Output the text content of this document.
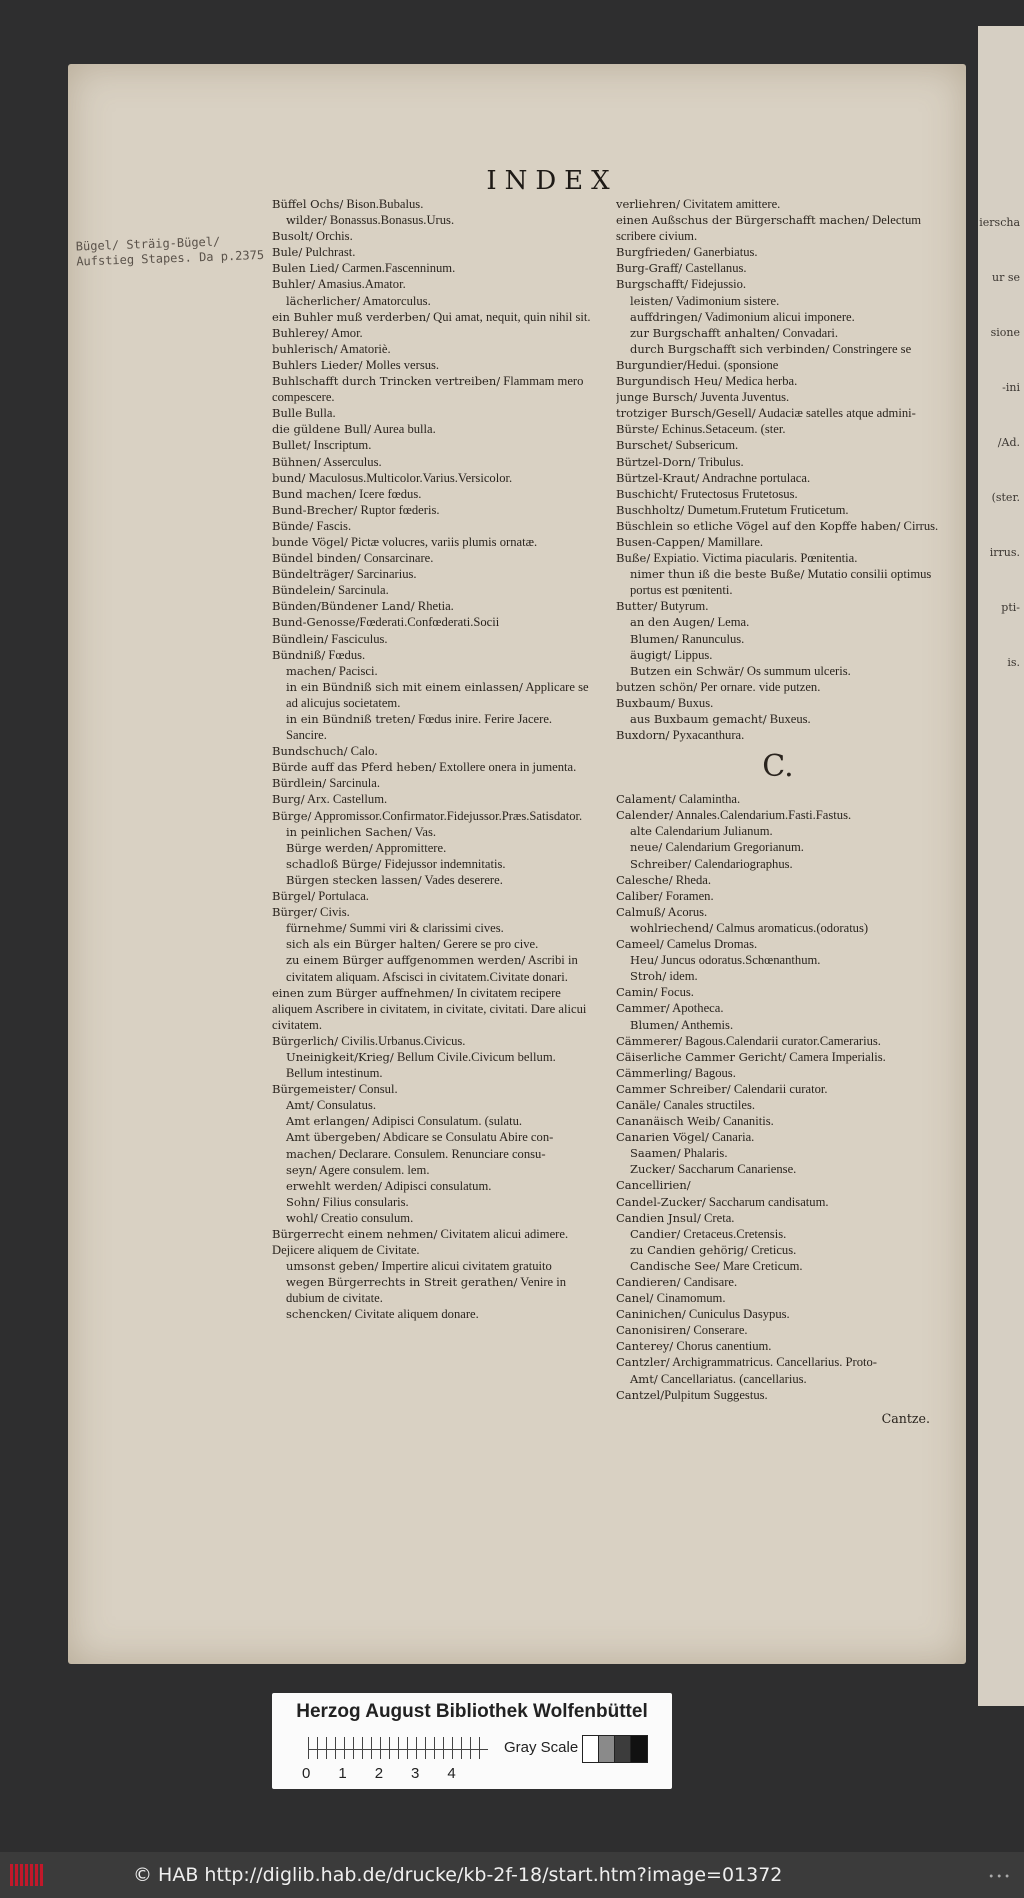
ierscha
ur se
sione
-ini
/Ad.
(ster.
irrus.
pti-
is.
INDEX
Bügel/ Sträig-Bügel/ Aufstieg Stapes. Da p.2375
Büffel Ochs/ Bison.Bubalus.
wilder/ Bonassus.Bonasus.Urus.
Busolt/ Orchis.
Bule/ Pulchrast.
Bulen Lied/ Carmen.Fascenninum.
Buhler/ Amasius.Amator.
lächerlicher/ Amatorculus.
ein Buhler muß verderben/ Qui amat, nequit, quin nihil sit.
Buhlerey/ Amor.
buhlerisch/ Amatoriè.
Buhlers Lieder/ Molles versus.
Buhlschafft durch Trincken vertreiben/ Flammam mero compescere.
Bulle Bulla.
die güldene Bull/ Aurea bulla.
Bullet/ Inscriptum.
Bühnen/ Asserculus.
bund/ Maculosus.Multicolor.Varius.Versicolor.
Bund machen/ Icere fœdus.
Bund-Brecher/ Ruptor fœderis.
Bünde/ Fascis.
bunde Vögel/ Pictæ volucres, variis plumis ornatæ.
Bündel binden/ Consarcinare.
Bündelträger/ Sarcinarius.
Bündelein/ Sarcinula.
Bünden/Bündener Land/ Rhetia.
Bund-Genosse/Fœderati.Confœderati.Socii
Bündlein/ Fasciculus.
Bündniß/ Fœdus.
machen/ Pacisci.
in ein Bündniß sich mit einem einlassen/ Applicare se ad alicujus societatem.
in ein Bündniß treten/ Fœdus inire. Ferire Jacere. Sancire.
Bundschuch/ Calo.
Bürde auff das Pferd heben/ Extollere onera in jumenta.
Bürdlein/ Sarcinula.
Burg/ Arx. Castellum.
Bürge/ Appromissor.Confirmator.Fidejussor.Præs.Satisdator.
in peinlichen Sachen/ Vas.
Bürge werden/ Appromittere.
schadloß Bürge/ Fidejussor indemnitatis.
Bürgen stecken lassen/ Vades deserere.
Bürgel/ Portulaca.
Bürger/ Civis.
fürnehme/ Summi viri & clarissimi cives.
sich als ein Bürger halten/ Gerere se pro cive.
zu einem Bürger auffgenommen werden/ Ascribi in civitatem aliquam. Afscisci in civitatem.Civitate donari.
einen zum Bürger auffnehmen/ In civitatem recipere aliquem Ascribere in civitatem, in civitate, civitati. Dare alicui civitatem.
Bürgerlich/ Civilis.Urbanus.Civicus.
Uneinigkeit/Krieg/ Bellum Civile.Civicum bellum. Bellum intestinum.
Bürgemeister/ Consul.
Amt/ Consulatus.
Amt erlangen/ Adipisci Consulatum. (sulatu.
Amt übergeben/ Abdicare se Consulatu Abire con-
machen/ Declarare. Consulem. Renunciare consu-
seyn/ Agere consulem. lem.
erwehlt werden/ Adipisci consulatum.
Sohn/ Filius consularis.
wohl/ Creatio consulum.
Bürgerrecht einem nehmen/ Civitatem alicui adimere. Dejicere aliquem de Civitate.
umsonst geben/ Impertire alicui civitatem gratuito
wegen Bürgerrechts in Streit gerathen/ Venire in dubium de civitate.
schencken/ Civitate aliquem donare.
verliehren/ Civitatem amittere.
einen Außschus der Bürgerschafft machen/ Delectum scribere civium.
Burgfrieden/ Ganerbiatus.
Burg-Graff/ Castellanus.
Burgschafft/ Fidejussio.
leisten/ Vadimonium sistere.
auffdringen/ Vadimonium alicui imponere.
zur Burgschafft anhalten/ Convadari.
durch Burgschafft sich verbinden/ Constringere se
Burgundier/Hedui. (sponsione
Burgundisch Heu/ Medica herba.
junge Bursch/ Juventa Juventus.
trotziger Bursch/Gesell/ Audaciæ satelles atque admini-
Bürste/ Echinus.Setaceum. (ster.
Burschet/ Subsericum.
Bürtzel-Dorn/ Tribulus.
Bürtzel-Kraut/ Andrachne portulaca.
Buschicht/ Frutectosus Frutetosus.
Buschholtz/ Dumetum.Frutetum Fruticetum.
Büschlein so etliche Vögel auf den Kopffe haben/ Cirrus.
Busen-Cappen/ Mamillare.
Buße/ Expiatio. Victima piacularis. Pœnitentia.
nimer thun iß die beste Buße/ Mutatio consilii optimus portus est pœnitenti.
Butter/ Butyrum.
an den Augen/ Lema.
Blumen/ Ranunculus.
äugigt/ Lippus.
Butzen ein Schwär/ Os summum ulceris.
butzen schön/ Per ornare. vide putzen.
Buxbaum/ Buxus.
aus Buxbaum gemacht/ Buxeus.
Buxdorn/ Pyxacanthura.
C.
Calament/ Calamintha.
Calender/ Annales.Calendarium.Fasti.Fastus.
alte Calendarium Julianum.
neue/ Calendarium Gregorianum.
Schreiber/ Calendariographus.
Calesche/ Rheda.
Caliber/ Foramen.
Calmuß/ Acorus.
wohlriechend/ Calmus aromaticus.(odoratus)
Cameel/ Camelus Dromas.
Heu/ Juncus odoratus.Schœnanthum.
Stroh/ idem.
Camin/ Focus.
Cammer/ Apotheca.
Blumen/ Anthemis.
Cämmerer/ Bagous.Calendarii curator.Camerarius.
Cäiserliche Cammer Gericht/ Camera Imperialis.
Cämmerling/ Bagous.
Cammer Schreiber/ Calendarii curator.
Canäle/ Canales structiles.
Cananäisch Weib/ Cananitis.
Canarien Vögel/ Canaria.
Saamen/ Phalaris.
Zucker/ Saccharum Canariense.
Cancellirien/
Candel-Zucker/ Saccharum candisatum.
Candien Jnsul/ Creta.
Candier/ Cretaceus.Cretensis.
zu Candien gehörig/ Creticus.
Candische See/ Mare Creticum.
Candieren/ Candisare.
Canel/ Cinamomum.
Caninichen/ Cuniculus Dasypus.
Canonisiren/ Conserare.
Canterey/ Chorus canentium.
Cantzler/ Archigrammatricus. Cancellarius. Proto-
Amt/ Cancellariatus. (cancellarius.
Cantzel/Pulpitum Suggestus.
Cantze.
Herzog August Bibliothek Wolfenbüttel
01234
Gray Scale
© HAB http://diglib.hab.de/drucke/kb-2f-18/start.htm?image=01372	•••
